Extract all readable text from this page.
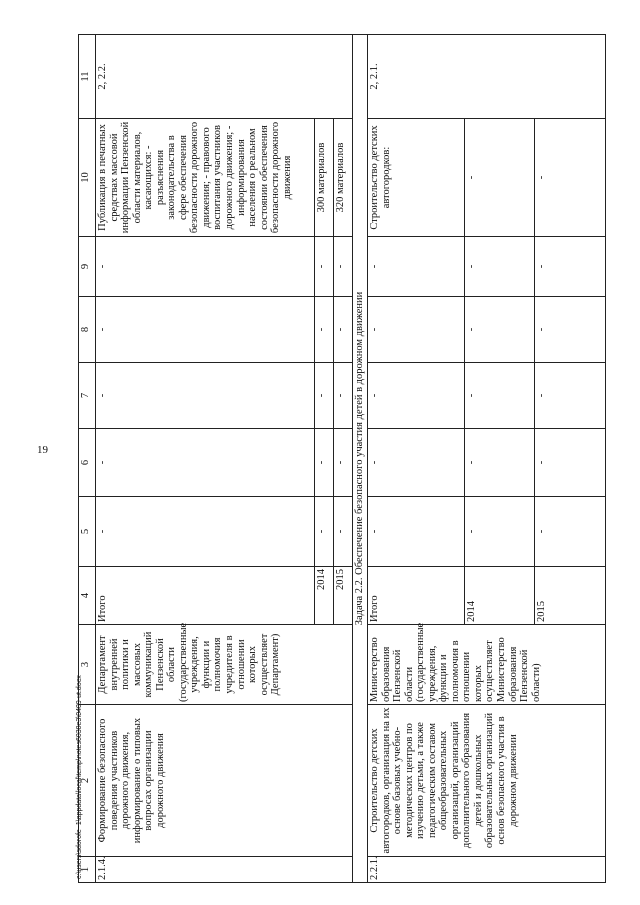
19
1	2	3	4	5	6	7	8	9	10	11
2.1.4.	Формирование безопасного поведения участников дорожного движения, информирование о типовых вопросах организации дорожного движения	Департамент внутренней политики и массовых коммуникаций Пензенской области (государственные учреждения, функции и полномочия учредителя в отношении которых осуществляет Департамент)	Итого	-	-	-	-	-	Публикация в печатных средствах массовой информации Пензенской области материалов, касающихся: - разъяснения законодательства в сфере обеспечения безопасности дорожного движения; - правового воспитания участников дорожного движения; - информирования населения о реальном состоянии обеспечения безопасности дорожного движения	2, 2.2.
			2014	-	-	-	-	-	300 материалов	
			2015	-	-	-	-	-	320 материалов	
Задача 2.2. Обеспечение безопасного участия детей в дорожном движении										
2.2.1.	Строительство детских автогородков, организация на их основе базовых учебно-методических центров по изучению детьми, а также педагогическим составом общеобразовательных организаций, организаций дополнительного образования детей и дошкольных образовательных организаций основ безопасного участия в дорожном движении	Министерство образования Пензенской области (государственные учреждения, функции и полномочия в отношении которых осуществляет Министерство образования Пензенской области)	Итого	-	-	-	-	-	Строительство детских автогородков:	2, 2.1.
			2014	-	-	-	-	-	-	
			2015	-	-	-	-	-	-	
c:\users\sdorofe~1\appdata\local\temp\notes6030e3\0409-ut.docx
